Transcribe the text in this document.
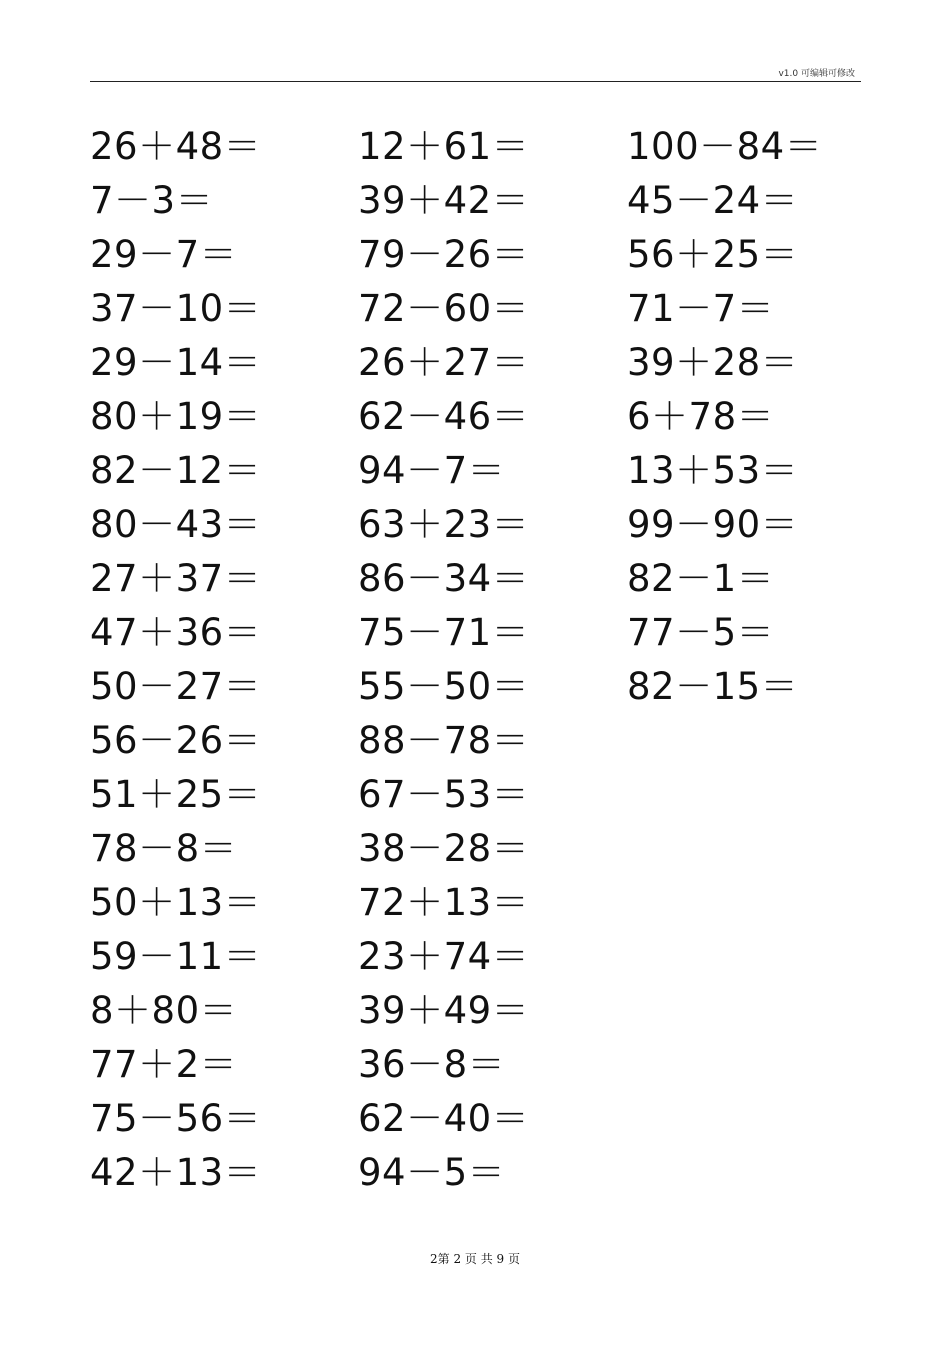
v1.0 可编辑可修改
26＋48＝
7－3＝
29－7＝
37－10＝
29－14＝
80＋19＝
82－12＝
80－43＝
27＋37＝
47＋36＝
50－27＝
56－26＝
51＋25＝
78－8＝
50＋13＝
59－11＝
8＋80＝
77＋2＝
75－56＝
42＋13＝
12＋61＝
39＋42＝
79－26＝
72－60＝
26＋27＝
62－46＝
94－7＝
63＋23＝
86－34＝
75－71＝
55－50＝
88－78＝
67－53＝
38－28＝
72＋13＝
23＋74＝
39＋49＝
36－8＝
62－40＝
94－5＝
100－84＝
45－24＝
56＋25＝
71－7＝
39＋28＝
6＋78＝
13＋53＝
99－90＝
82－1＝
77－5＝
82－15＝
2第 2 页 共 9 页
